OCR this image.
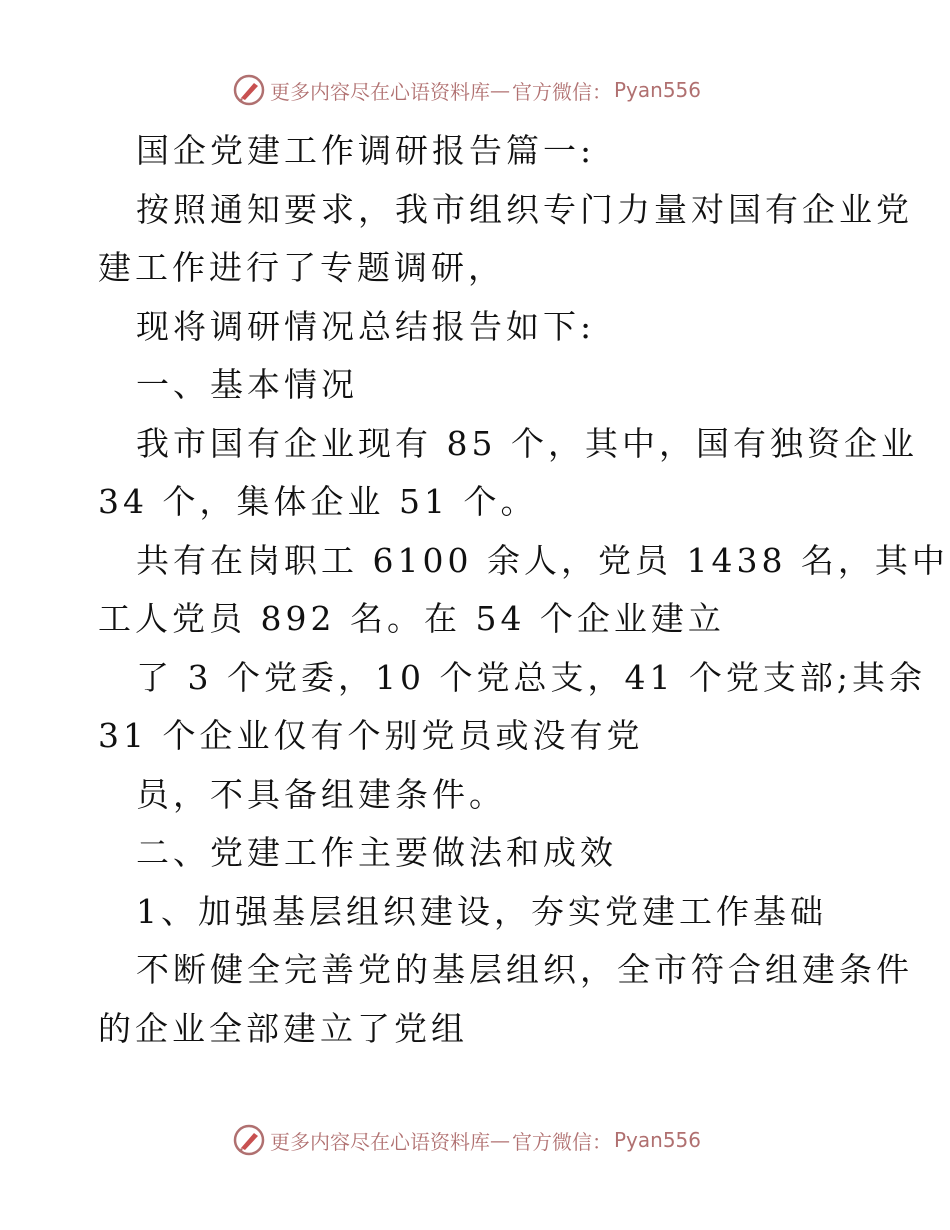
更多内容尽在心语资料库 — 官方微信： Pyan556
国企党建工作调研报告篇一:
按照通知要求，我市组织专门力量对国有企业党
建工作进行了专题调研，
现将调研情况总结报告如下:
一、基本情况
我市国有企业现有 85 个，其中，国有独资企业
34 个，集体企业 51 个。
共有在岗职工 6100 余人，党员 1438 名，其中
工人党员 892 名。在 54 个企业建立
了 3 个党委，10 个党总支，41 个党支部;其余
31 个企业仅有个别党员或没有党
员，不具备组建条件。
二、党建工作主要做法和成效
1、加强基层组织建设，夯实党建工作基础
不断健全完善党的基层组织，全市符合组建条件
的企业全部建立了党组
更多内容尽在心语资料库 — 官方微信： Pyan556
